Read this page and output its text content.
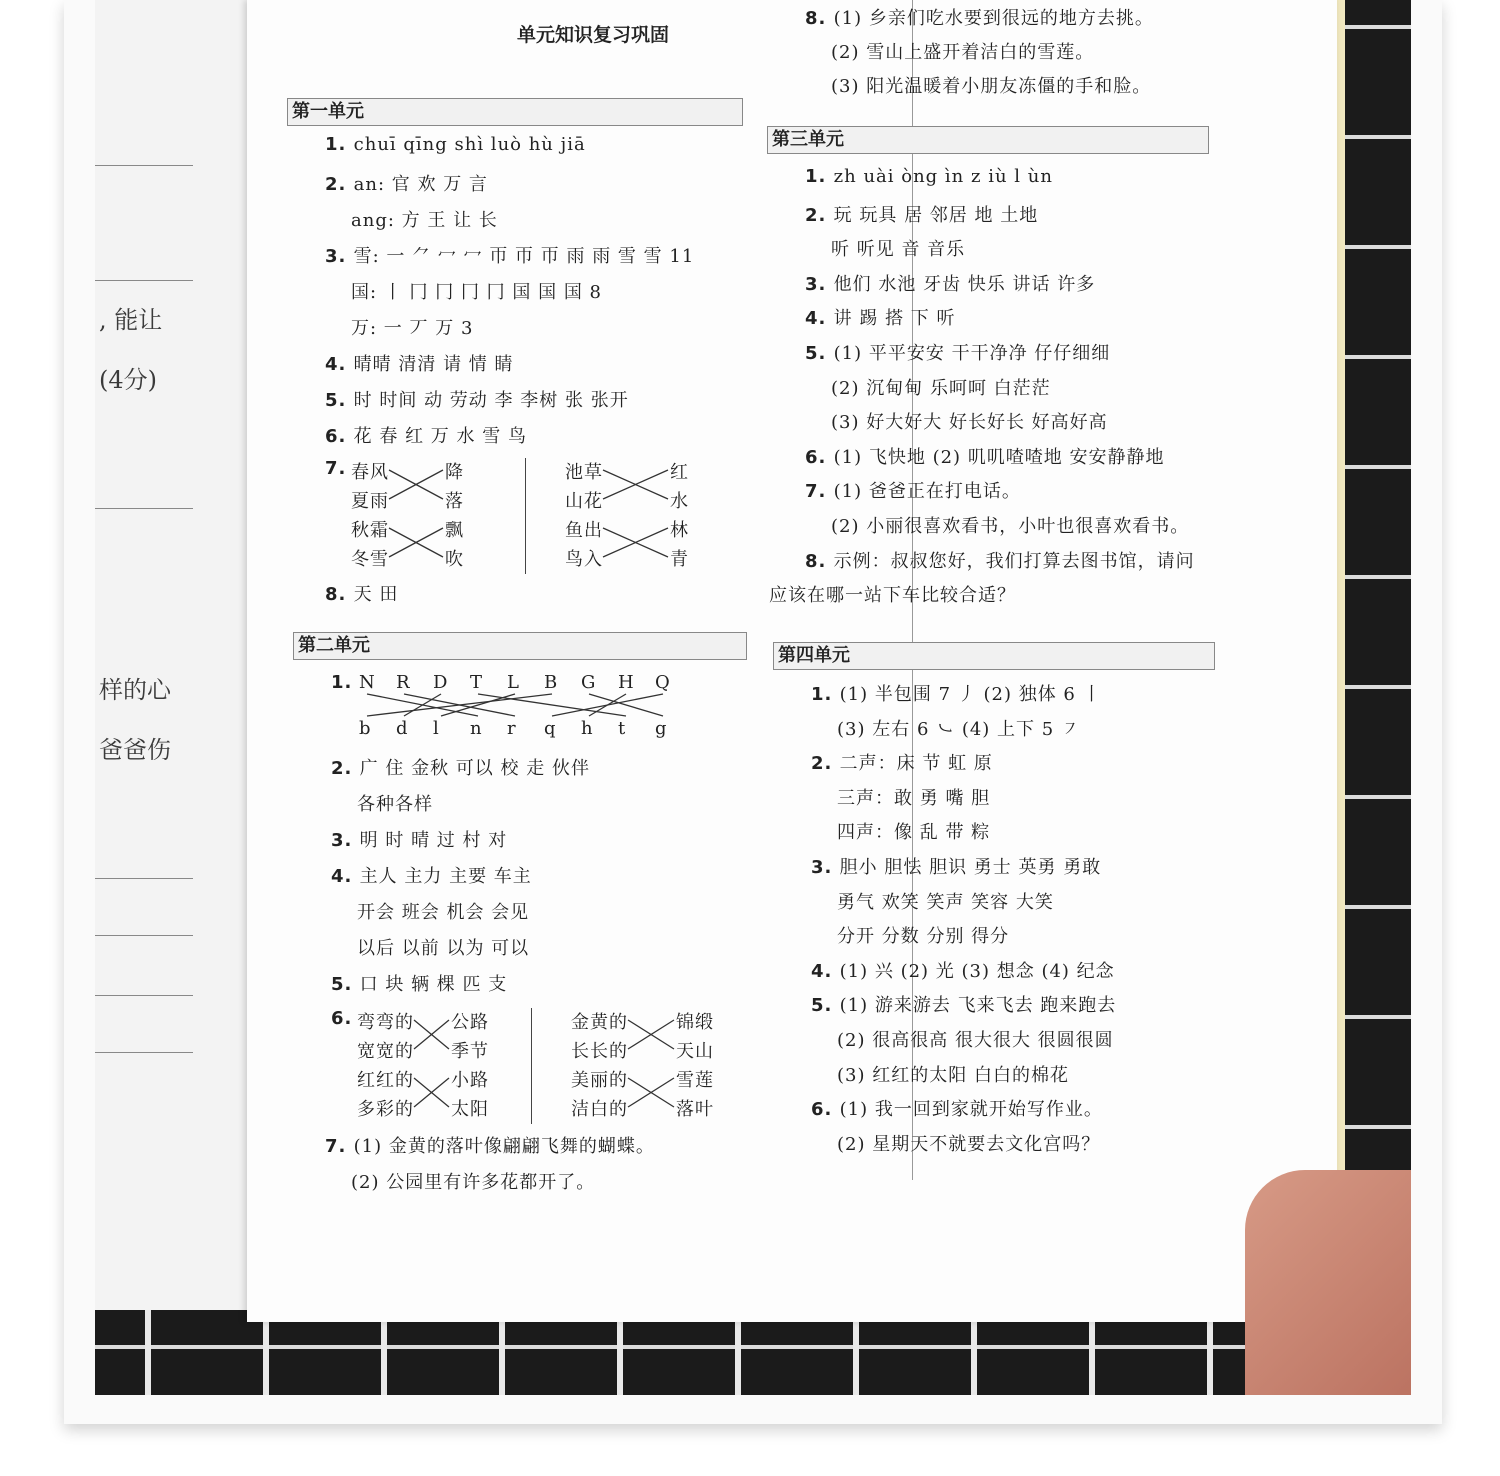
, 能让
(4分)
样的心
爸爸伤
单元知识复习巩固
第一单元
1. chuī qīng shì luò hù jiā
2. an: 官 欢 万 言
ang: 方 王 让 长
3. 雪: 一 ⺈ 冖 冖 帀 帀 帀 雨 雨 雪 雪 11
国: 丨 冂 冂 冂 冂 国 国 国 8
万: 一 丆 万 3
4. 晴晴 清清 请 情 睛
5. 时 时间 动 劳动 李 李树 张 张开
6. 花 春 红 万 水 雪 鸟
7. 春风	降	池草	红
夏雨	落	山花	水
秋霜	飘	鱼出	林
冬雪	吹	鸟入	青
8. 天 田
第二单元
1. N R D T L B G H Q
b d l n r q h t g
2. 广 住 金秋 可以 校 走 伙伴
各种各样
3. 明 时 晴 过 村 对
4. 主人 主力 主要 车主
开会 班会 机会 会见
以后 以前 以为 可以
5. 口 块 辆 棵 匹 支
6. 弯弯的 公路	金黄的	锦缎
宽宽的 季节	长长的	天山
红红的 小路	美丽的	雪莲
多彩的 太阳	洁白的	落叶
7. (1) 金黄的落叶像翩翩飞舞的蝴蝶。
(2) 公园里有许多花都开了。
8. (1) 乡亲们吃水要到很远的地方去挑。
(2) 雪山上盛开着洁白的雪莲。
(3) 阳光温暖着小朋友冻僵的手和脸。
第三单元
1. zh uài òng ìn z iù l ùn
2. 玩 玩具 居 邻居 地 土地
听 听见 音 音乐
3. 他们 水池 牙齿 快乐 讲话 许多
4. 讲 踢 搭 下 听
5. (1) 平平安安 干干净净 仔仔细细
(2) 沉甸甸 乐呵呵 白茫茫
(3) 好大好大 好长好长 好高好高
6. (1) 飞快地 (2) 叽叽喳喳地 安安静静地
7. (1) 爸爸正在打电话。
(2) 小丽很喜欢看书，小叶也很喜欢看书。
8. 示例：叔叔您好，我们打算去图书馆，请问
应该在哪一站下车比较合适？
第四单元
1. (1) 半包围 7 丿 (2) 独体 6 丨
(3) 左右 6 ㇃ (4) 上下 5 ㇇
2. 二声：床 节 虹 原
三声：敢 勇 嘴 胆
四声：像 乱 带 粽
3. 胆小 胆怯 胆识 勇士 英勇 勇敢
勇气 欢笑 笑声 笑容 大笑
分开 分数 分别 得分
4. (1) 兴 (2) 光 (3) 想念 (4) 纪念
5. (1) 游来游去 飞来飞去 跑来跑去
(2) 很高很高 很大很大 很圆很圆
(3) 红红的太阳 白白的棉花
6. (1) 我一回到家就开始写作业。
(2) 星期天不就要去文化宫吗？
